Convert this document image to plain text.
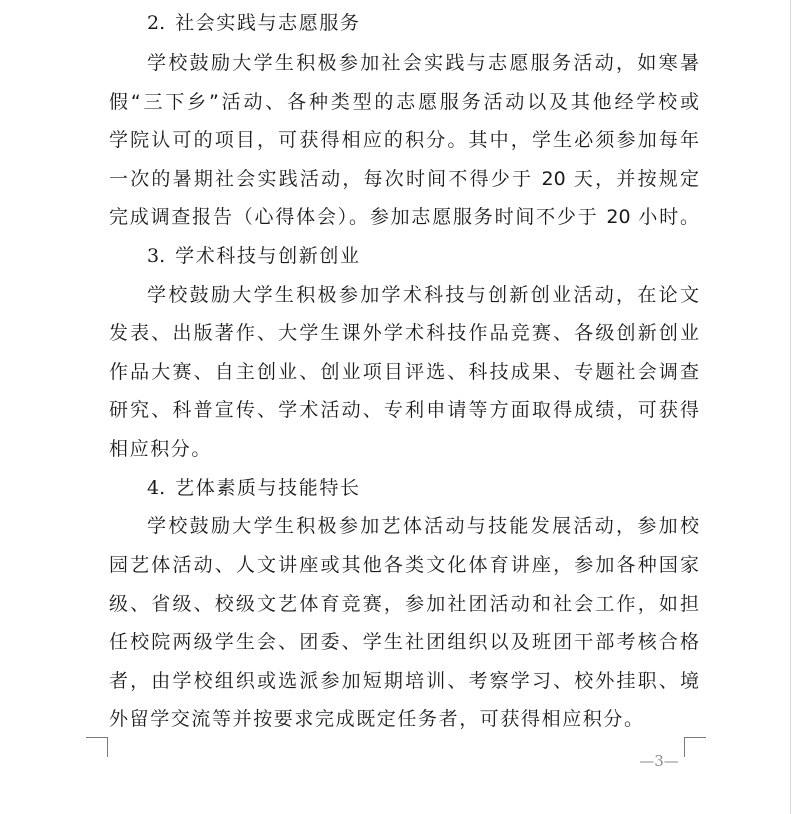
2. 社会实践与志愿服务
学校鼓励大学生积极参加社会实践与志愿服务活动，如寒暑
假“三下乡”活动、各种类型的志愿服务活动以及其他经学校或
学院认可的项目，可获得相应的积分。其中，学生必须参加每年
一次的暑期社会实践活动，每次时间不得少于 20 天，并按规定
完成调查报告（心得体会）。参加志愿服务时间不少于 20 小时。
3. 学术科技与创新创业
学校鼓励大学生积极参加学术科技与创新创业活动，在论文
发表、出版著作、大学生课外学术科技作品竞赛、各级创新创业
作品大赛、自主创业、创业项目评选、科技成果、专题社会调查
研究、科普宣传、学术活动、专利申请等方面取得成绩，可获得
相应积分。
4. 艺体素质与技能特长
学校鼓励大学生积极参加艺体活动与技能发展活动，参加校
园艺体活动、人文讲座或其他各类文化体育讲座，参加各种国家
级、省级、校级文艺体育竞赛，参加社团活动和社会工作，如担
任校院两级学生会、团委、学生社团组织以及班团干部考核合格
者，由学校组织或选派参加短期培训、考察学习、校外挂职、境
外留学交流等并按要求完成既定任务者，可获得相应积分。
—3—
